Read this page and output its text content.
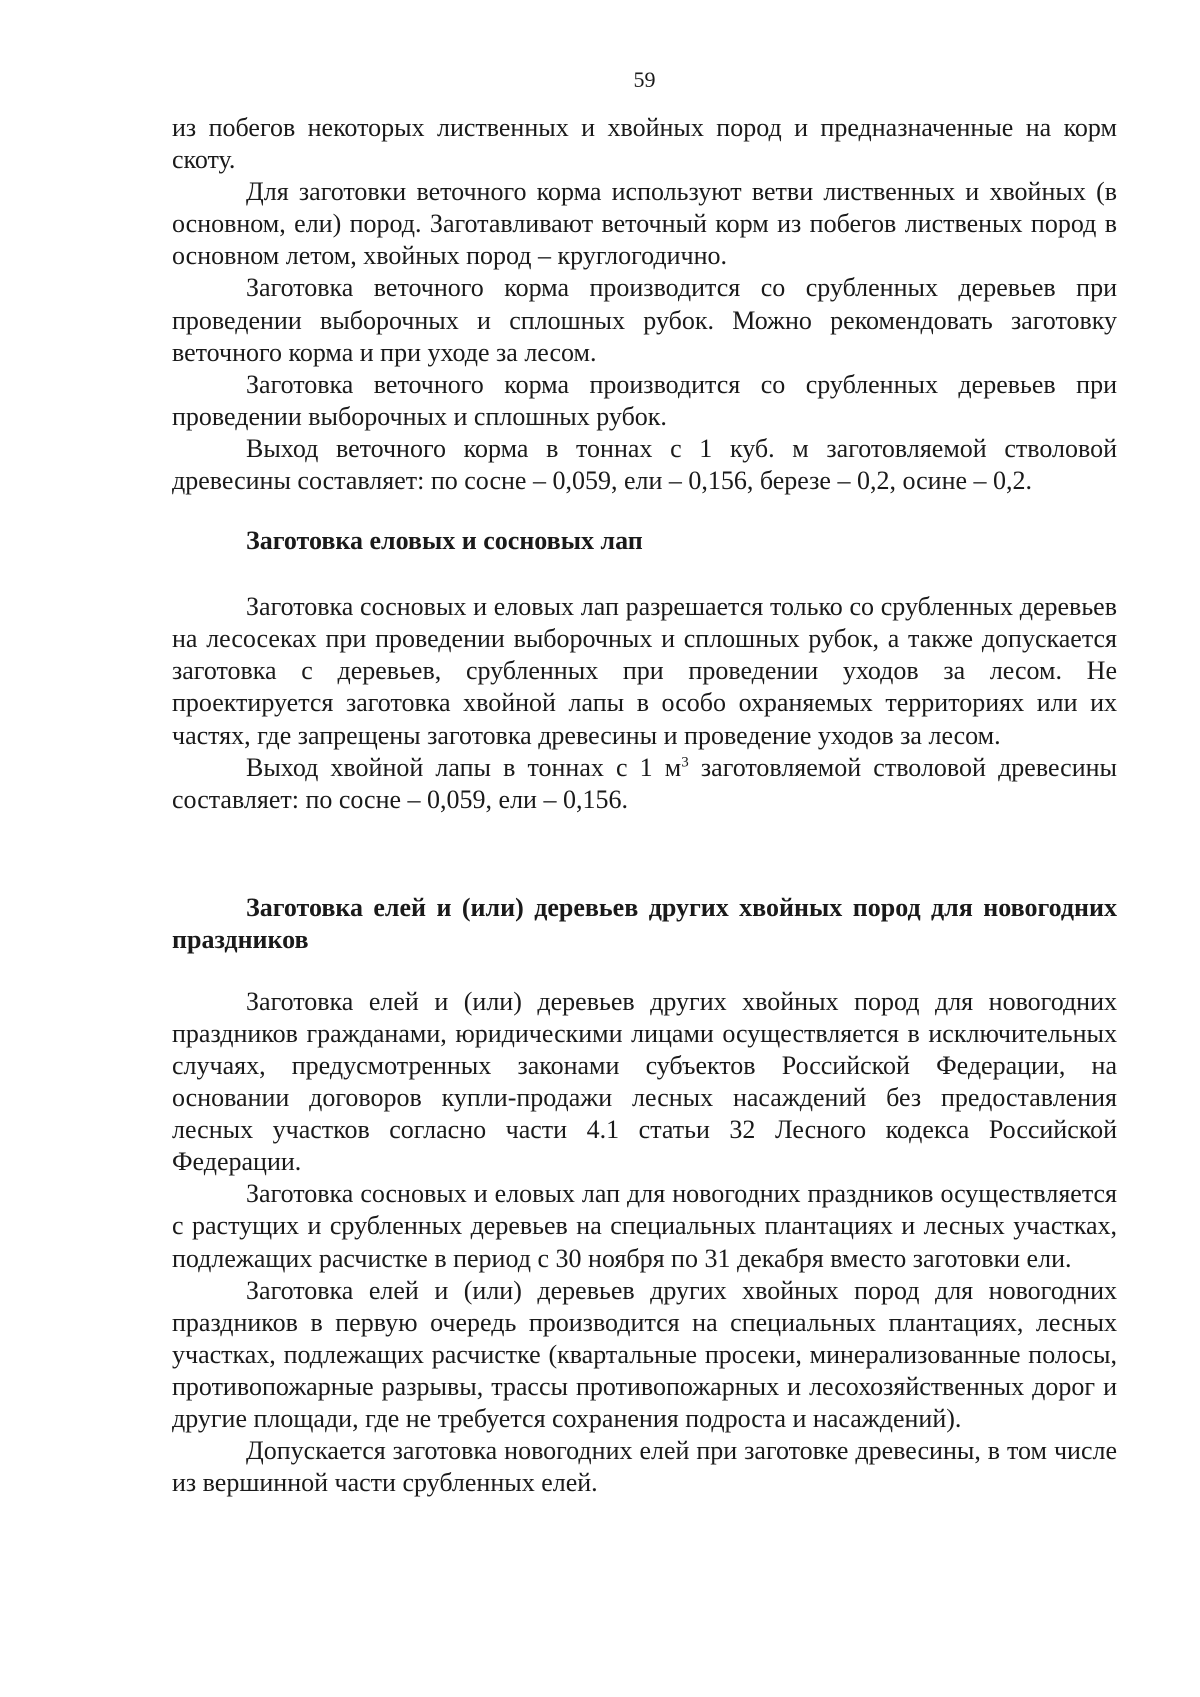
59

из побегов некоторых лиственных и хвойных пород и предназначенные на корм скоту.

Для заготовки веточного корма используют ветви лиственных и хвойных (в основном, ели) пород. Заготавливают веточный корм из побегов лиственых пород в основном летом, хвойных пород – круглогодично.

Заготовка веточного корма производится со срубленных деревьев при проведении выборочных и сплошных рубок. Можно рекомендовать заготовку веточного корма и при уходе за лесом.

Заготовка веточного корма производится со срубленных деревьев при проведении выборочных и сплошных рубок.

Выход веточного корма в тоннах с 1 куб. м заготовляемой стволовой древесины составляет: по сосне – 0,059, ели – 0,156, березе – 0,2, осине – 0,2.

Заготовка еловых и сосновых лап

Заготовка сосновых и еловых лап разрешается только со срубленных деревьев на лесосеках при проведении выборочных и сплошных рубок, а также допускается заготовка с деревьев, срубленных при проведении уходов за лесом. Не проектируется заготовка хвойной лапы в особо охраняемых территориях или их частях, где запрещены заготовка древесины и проведение уходов за лесом.

Выход хвойной лапы в тоннах с 1 $м^3$ заготовляемой стволовой древесины составляет: по сосне – 0,059, ели – 0,156.

Заготовка елей и (или) деревьев других хвойных пород для новогодних праздников

Заготовка елей и (или) деревьев других хвойных пород для новогодних праздников гражданами, юридическими лицами осуществляется в исключительных случаях, предусмотренных законами субъектов Российской Федерации, на основании договоров купли-продажи лесных насаждений без предоставления лесных участков согласно части 4.1 статьи 32 Лесного кодекса Российской Федерации.

Заготовка сосновых и еловых лап для новогодних праздников осуществляется с растущих и срубленных деревьев на специальных плантациях и лесных участках, подлежащих расчистке в период с 30 ноября по 31 декабря вместо заготовки ели.

Заготовка елей и (или) деревьев других хвойных пород для новогодних праздников в первую очередь производится на специальных плантациях, лесных участках, подлежащих расчистке (квартальные просеки, минерализованные полосы, противопожарные разрывы, трассы противопожарных и лесохозяйственных дорог и другие площади, где не требуется сохранения подроста и насаждений).

Допускается заготовка новогодних елей при заготовке древесины, в том числе из вершинной части срубленных елей.
